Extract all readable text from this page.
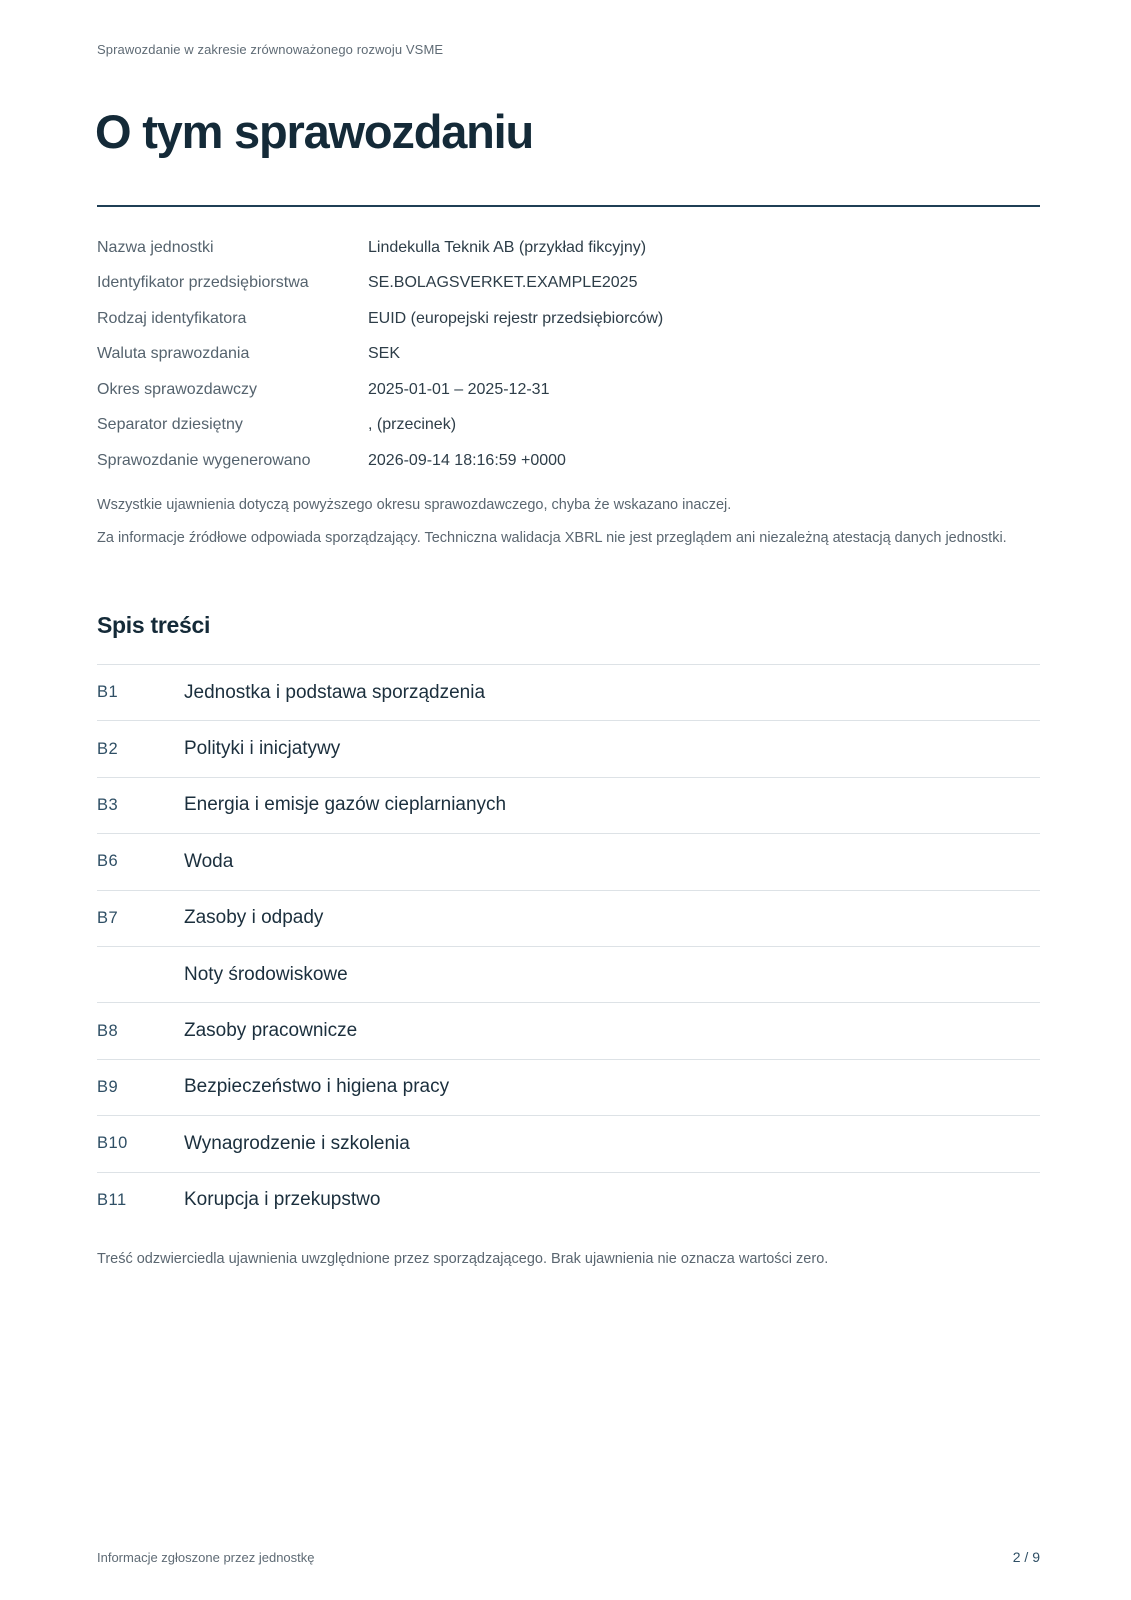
Sprawozdanie w zakresie zrównoważonego rozwoju VSME
O tym sprawozdaniu
Nazwa jednostki	Lindekulla Teknik AB (przykład fikcyjny)
Identyfikator przedsiębiorstwa	SE.BOLAGSVERKET.EXAMPLE2025
Rodzaj identyfikatora	EUID (europejski rejestr przedsiębiorców)
Waluta sprawozdania	SEK
Okres sprawozdawczy	2025-01-01 – 2025-12-31
Separator dziesiętny	, (przecinek)
Sprawozdanie wygenerowano	2026-09-14 18:16:59 +0000

Wszystkie ujawnienia dotyczą powyższego okresu sprawozdawczego, chyba że wskazano inaczej.

Za informacje źródłowe odpowiada sporządzający. Techniczna walidacja XBRL nie jest przeglądem ani niezależną atestacją danych jednostki.

Spis treści
B1	Jednostka i podstawa sporządzenia
B2	Polityki i inicjatywy
B3	Energia i emisje gazów cieplarnianych
B6	Woda
B7	Zasoby i odpady
Noty środowiskowe
B8	Zasoby pracownicze
B9	Bezpieczeństwo i higiena pracy
B10	Wynagrodzenie i szkolenia
B11	Korupcja i przekupstwo

Treść odzwierciedla ujawnienia uwzględnione przez sporządzającego. Brak ujawnienia nie oznacza wartości zero.

Informacje zgłoszone przez jednostkę	2 / 9
